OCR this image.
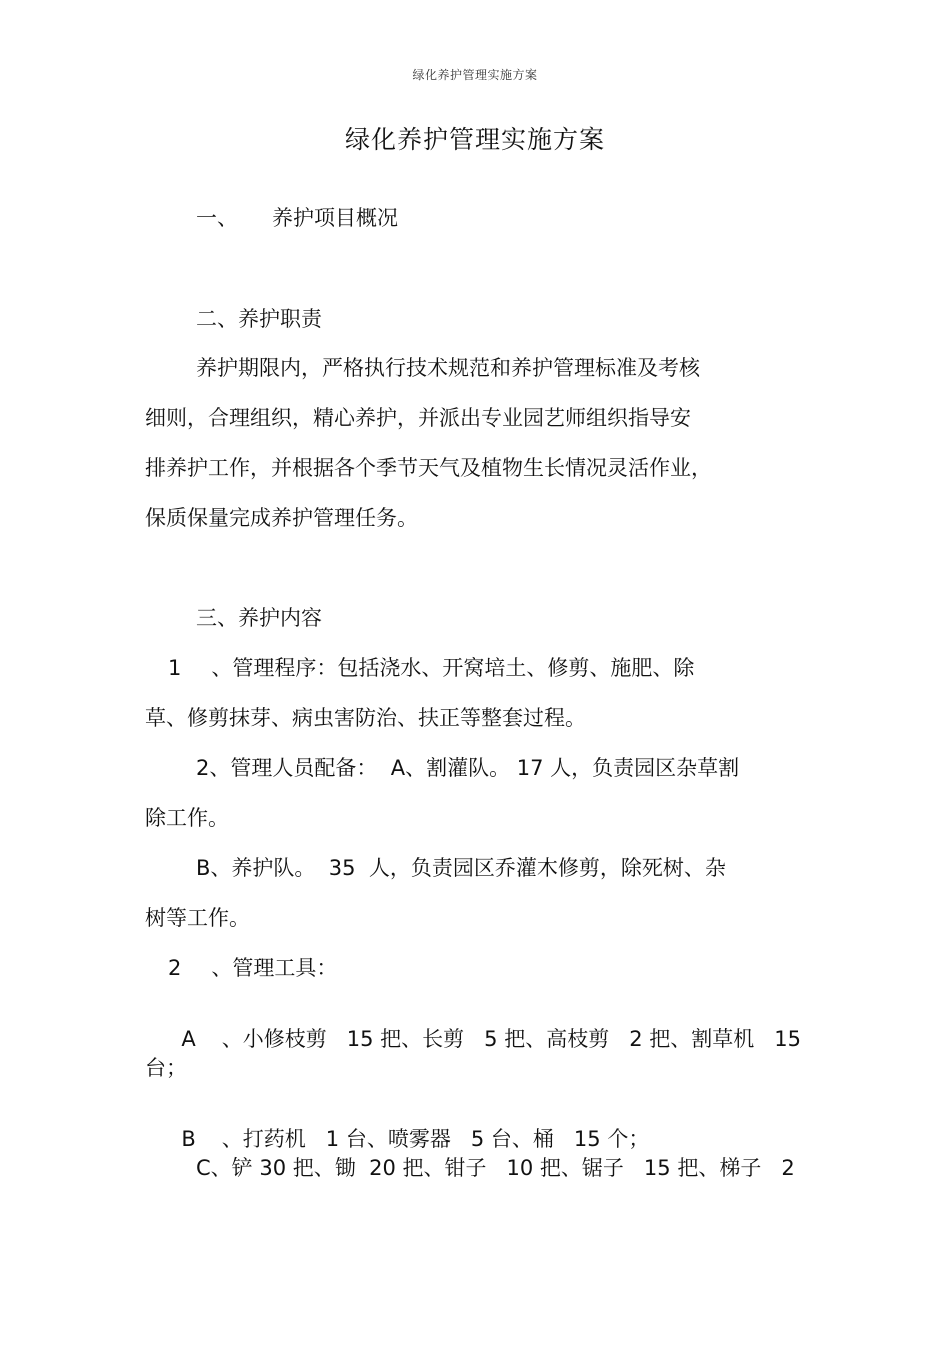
绿化养护管理实施方案
绿化养护管理实施方案
一、 养护项目概况
二、养护职责
养护期限内，严格执行技术规范和养护管理标准及考核
细则，合理组织，精心养护，并派出专业园艺师组织指导安
排养护工作，并根据各个季节天气及植物生长情况灵活作业，
保质保量完成养护管理任务。
三、养护内容
1 、管理程序：包括浇水、开窝培土、修剪、施肥、除
草、修剪抹芽、病虫害防治、扶正等整套过程。
2、管理人员配备：  A、割灌队。 17 人，负责园区杂草割
除工作。
B、养护队。  35  人，负责园区乔灌木修剪，除死树、杂
树等工作。
2 、管理工具：

A 、小修枝剪   15 把、长剪   5 把、高枝剪   2 把、割草机   15

台；

B 、打药机   1 台、喷雾器   5 台、桶   15 个；

C、铲 30 把、锄  20 把、钳子   10 把、锯子   15 把、梯子   2
